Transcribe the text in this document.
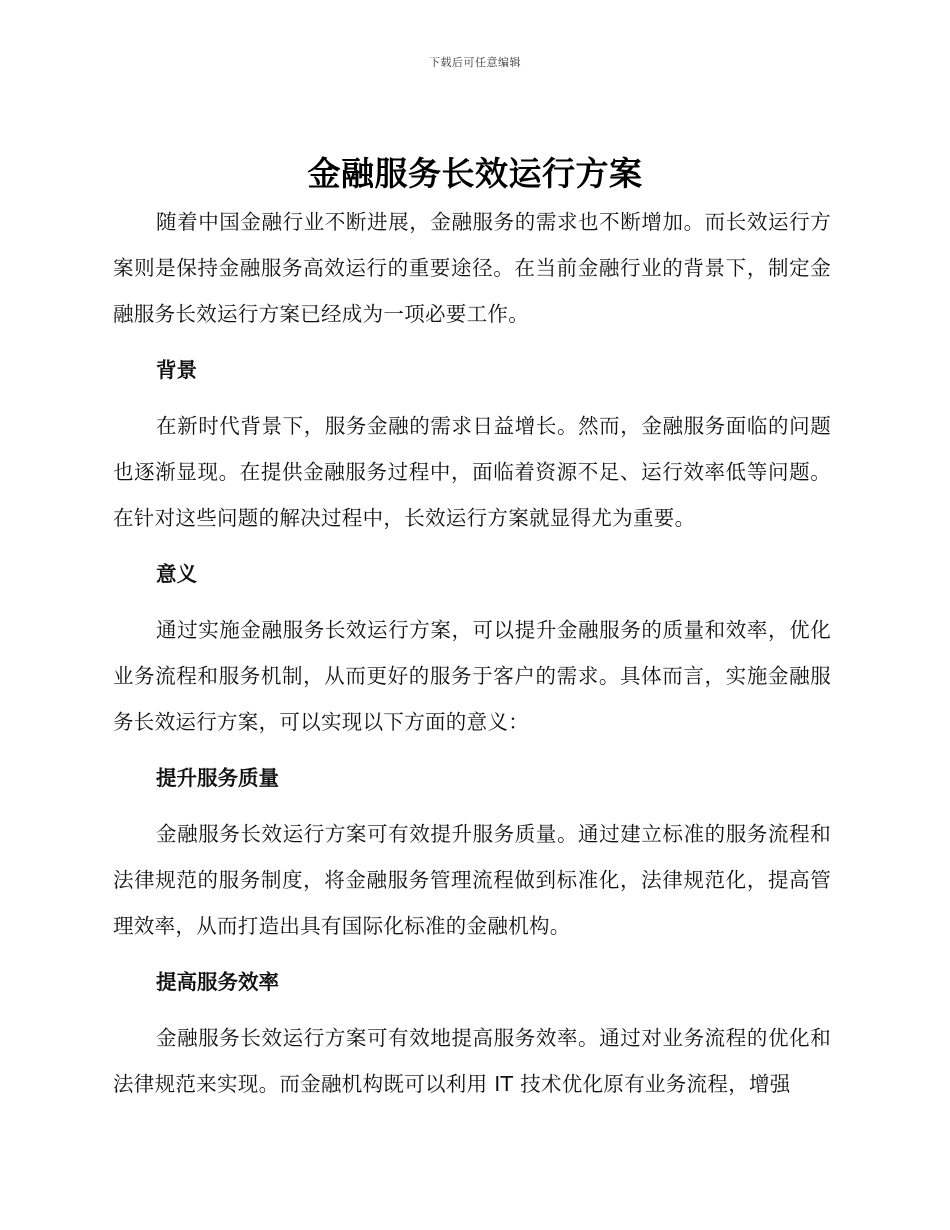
下载后可任意编辑
金融服务长效运行方案

随着中国金融行业不断进展，金融服务的需求也不断增加。而长效运行方案则是保持金融服务高效运行的重要途径。在当前金融行业的背景下，制定金融服务长效运行方案已经成为一项必要工作。

背景

在新时代背景下，服务金融的需求日益增长。然而，金融服务面临的问题也逐渐显现。在提供金融服务过程中，面临着资源不足、运行效率低等问题。在针对这些问题的解决过程中，长效运行方案就显得尤为重要。

意义

通过实施金融服务长效运行方案，可以提升金融服务的质量和效率，优化业务流程和服务机制，从而更好的服务于客户的需求。具体而言，实施金融服务长效运行方案，可以实现以下方面的意义：

提升服务质量

金融服务长效运行方案可有效提升服务质量。通过建立标准的服务流程和法律规范的服务制度，将金融服务管理流程做到标准化，法律规范化，提高管理效率，从而打造出具有国际化标准的金融机构。

提高服务效率

金融服务长效运行方案可有效地提高服务效率。通过对业务流程的优化和法律规范来实现。而金融机构既可以利用 IT 技术优化原有业务流程，增强
